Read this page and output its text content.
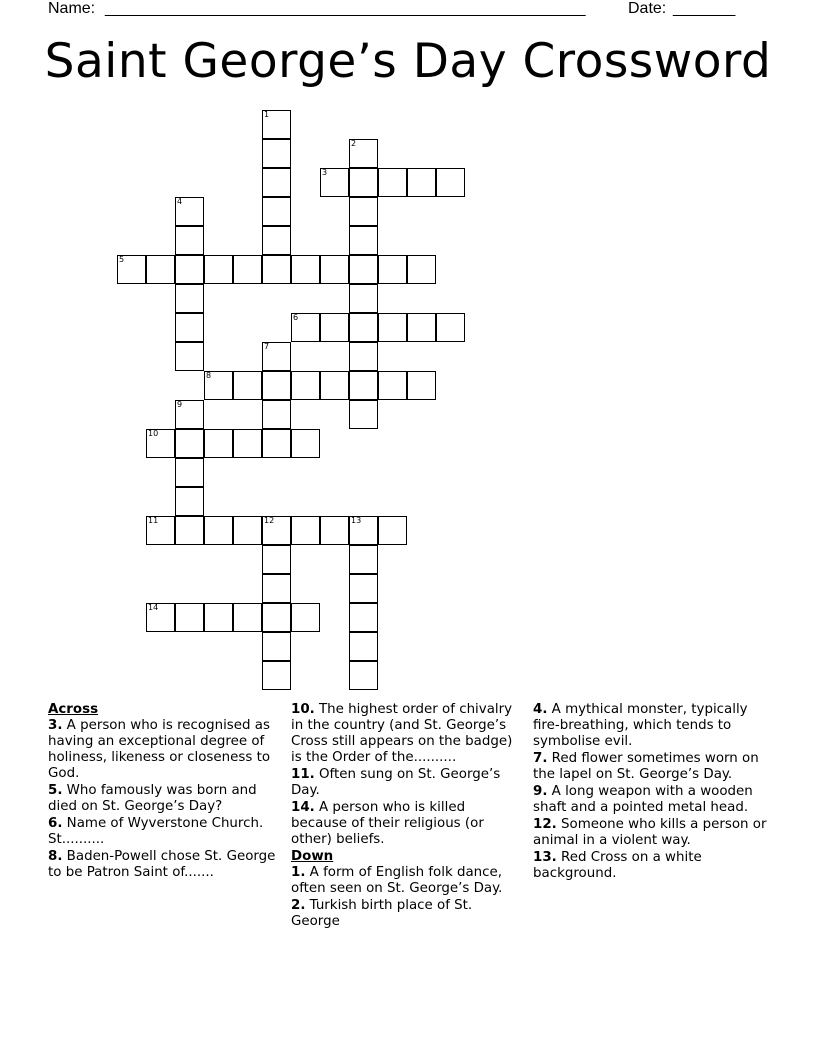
Name: ______________________________________________________	Date: _______
Saint George’s Day Crossword
1
2
3
4
5
6
7
8
9
10
11	12	13
14
Across
3. A person who is recognised as having an exceptional degree of holiness, likeness or closeness to God.
5. Who famously was born and died on St. George’s Day?
6. Name of Wyverstone Church. St..........
8. Baden-Powell chose St. George to be Patron Saint of.......
10. The highest order of chivalry in the country (and St. George’s Cross still appears on the badge) is the Order of the..........
11. Often sung on St. George’s Day.
14. A person who is killed because of their religious (or other) beliefs.
Down
1. A form of English folk dance, often seen on St. George’s Day.
2. Turkish birth place of St. George
4. A mythical monster, typically fire-breathing, which tends to symbolise evil.
7. Red flower sometimes worn on the lapel on St. George’s Day.
9. A long weapon with a wooden shaft and a pointed metal head.
12. Someone who kills a person or animal in a violent way.
13. Red Cross on a white background.
